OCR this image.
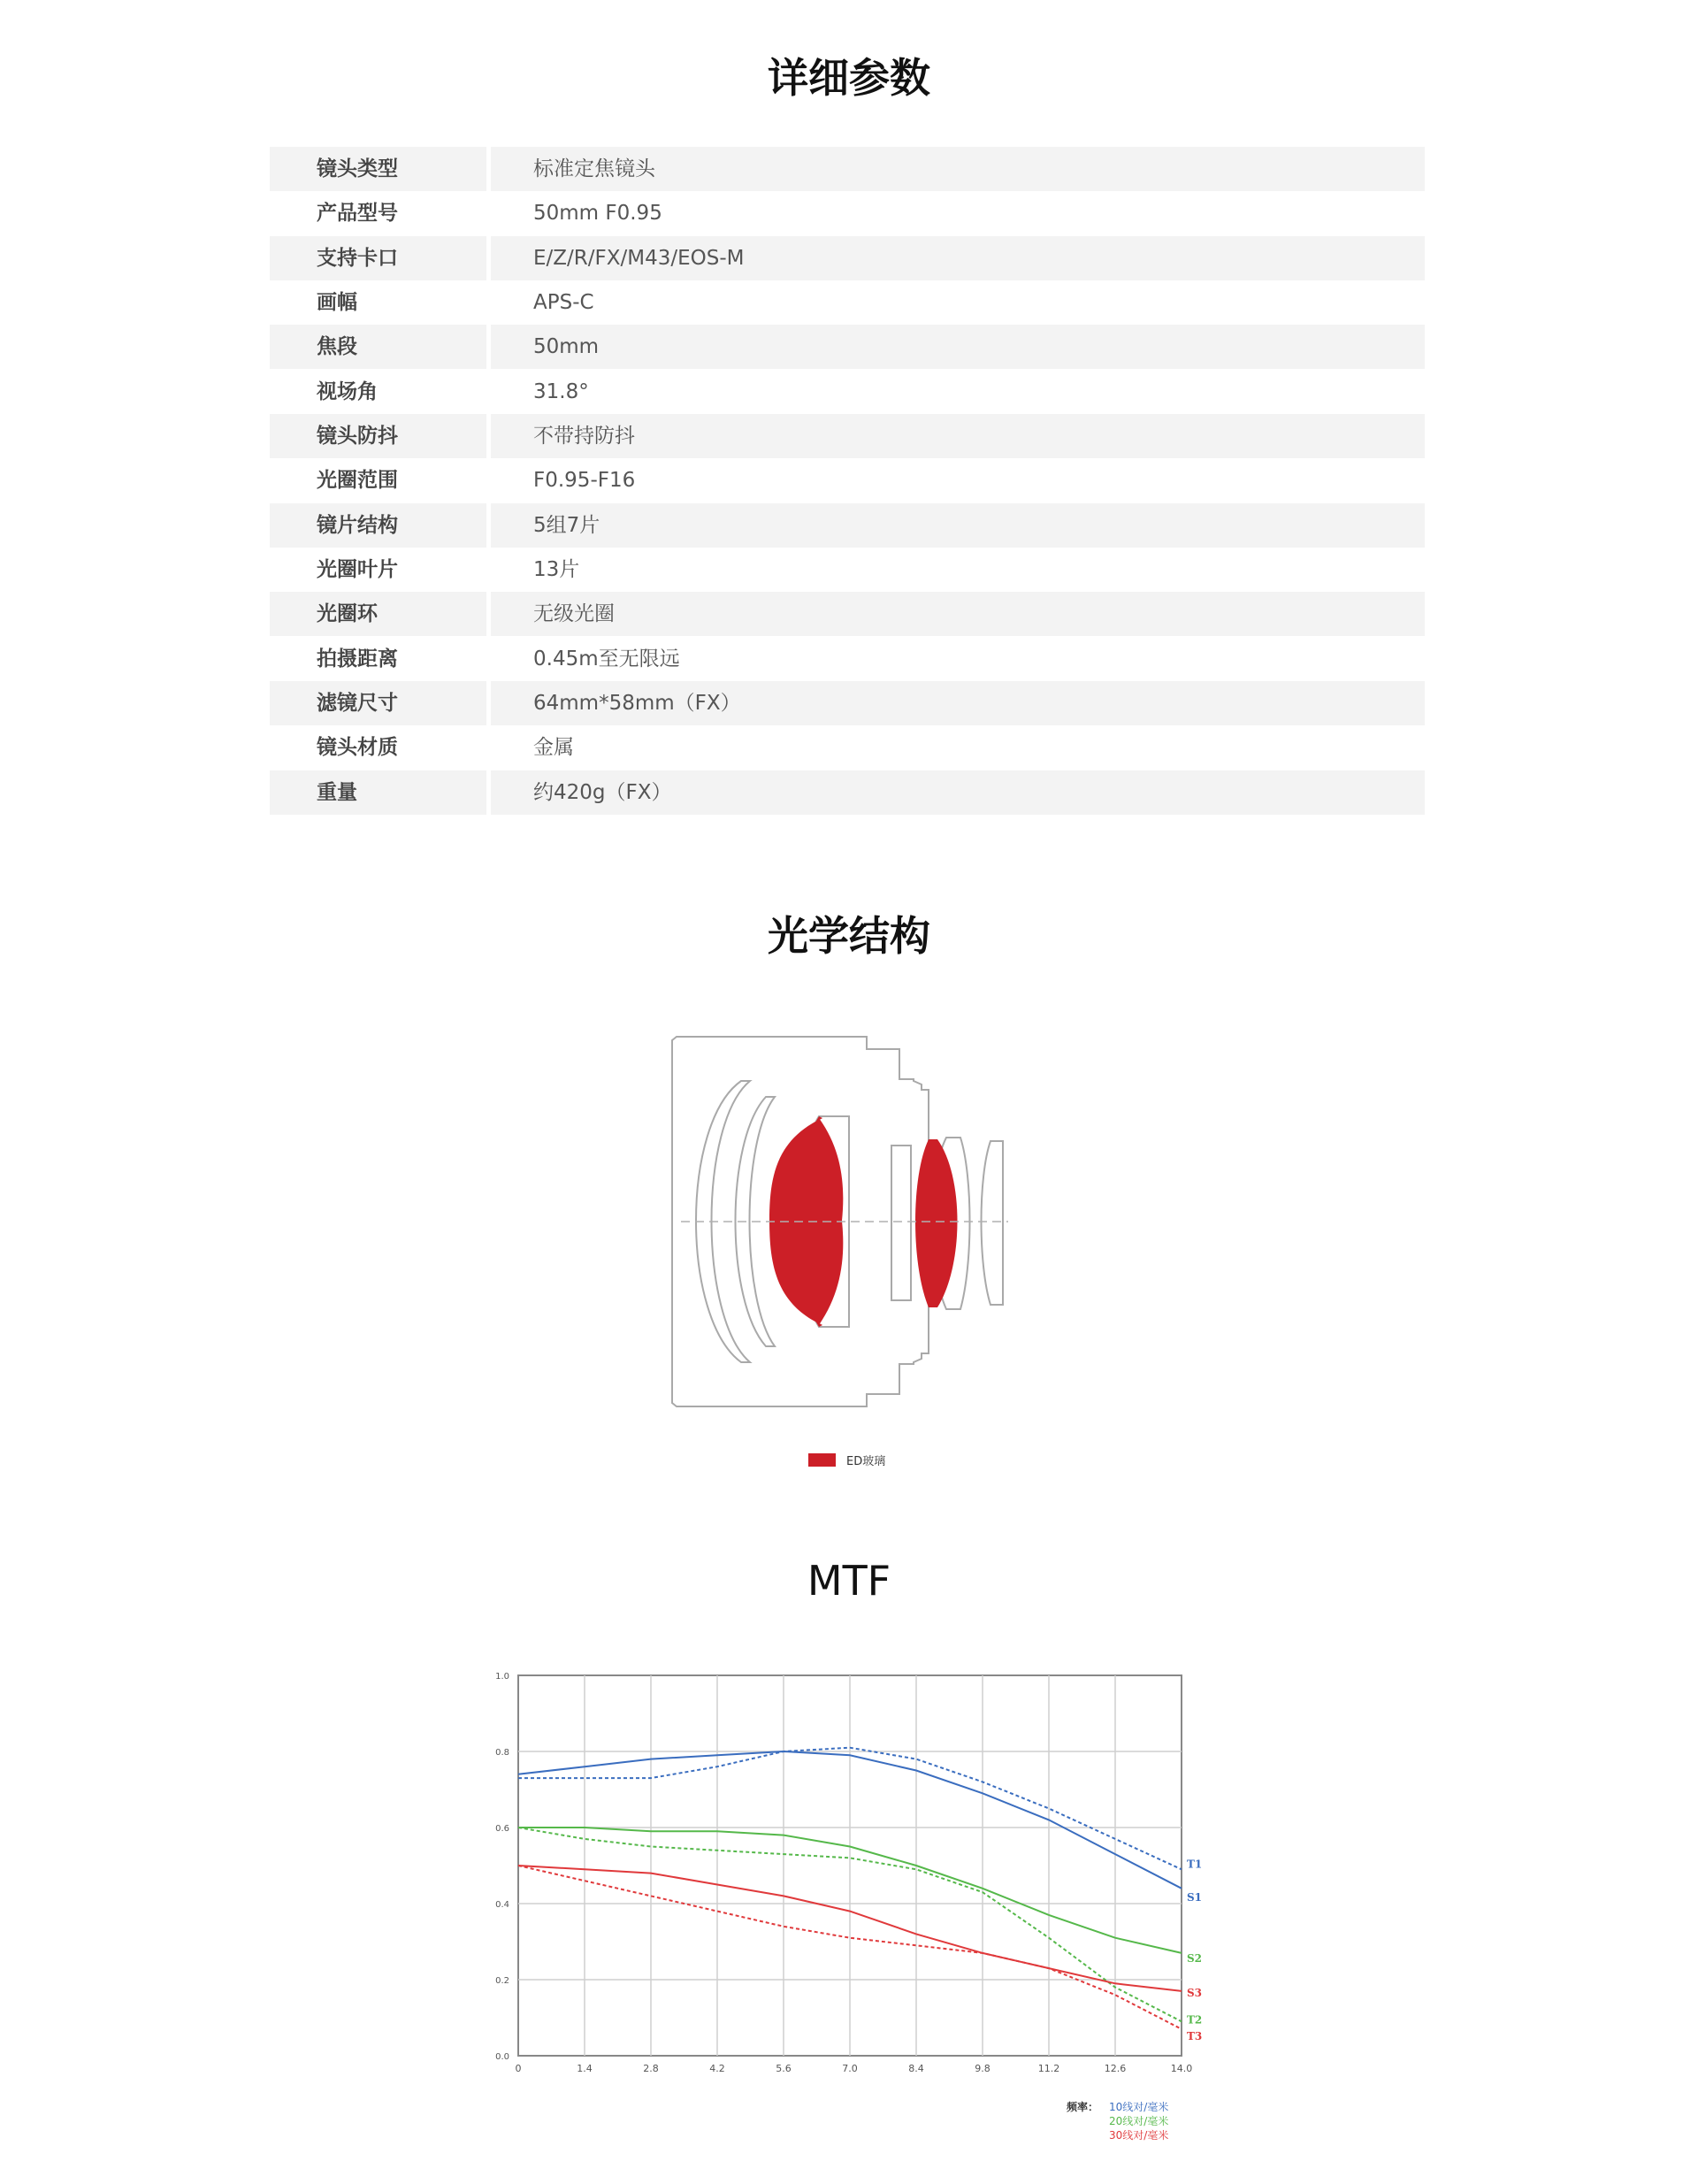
详细参数
镜头类型	标准定焦镜头
产品型号	50mm F0.95
支持卡口	E/Z/R/FX/M43/EOS-M
画幅	APS-C
焦段	50mm
视场角	31.8°
镜头防抖	不带持防抖
光圈范围	F0.95-F16
镜片结构	5组7片
光圈叶片	13片
光圈环	无级光圈
拍摄距离	0.45m至无限远
滤镜尺寸	64mm*58mm（FX）
镜头材质	金属
重量	约420g（FX）
光学结构
ED玻璃
MTF
0	1.4	2.8	4.2	5.6	7.0	8.4	9.8	11.2	12.6	14.0
0.0
0.2
0.4
0.6
0.8
1.0
S1
T1
S2
T2
S3
T3
频率： 10线对/毫米
20线对/毫米
30线对/毫米
